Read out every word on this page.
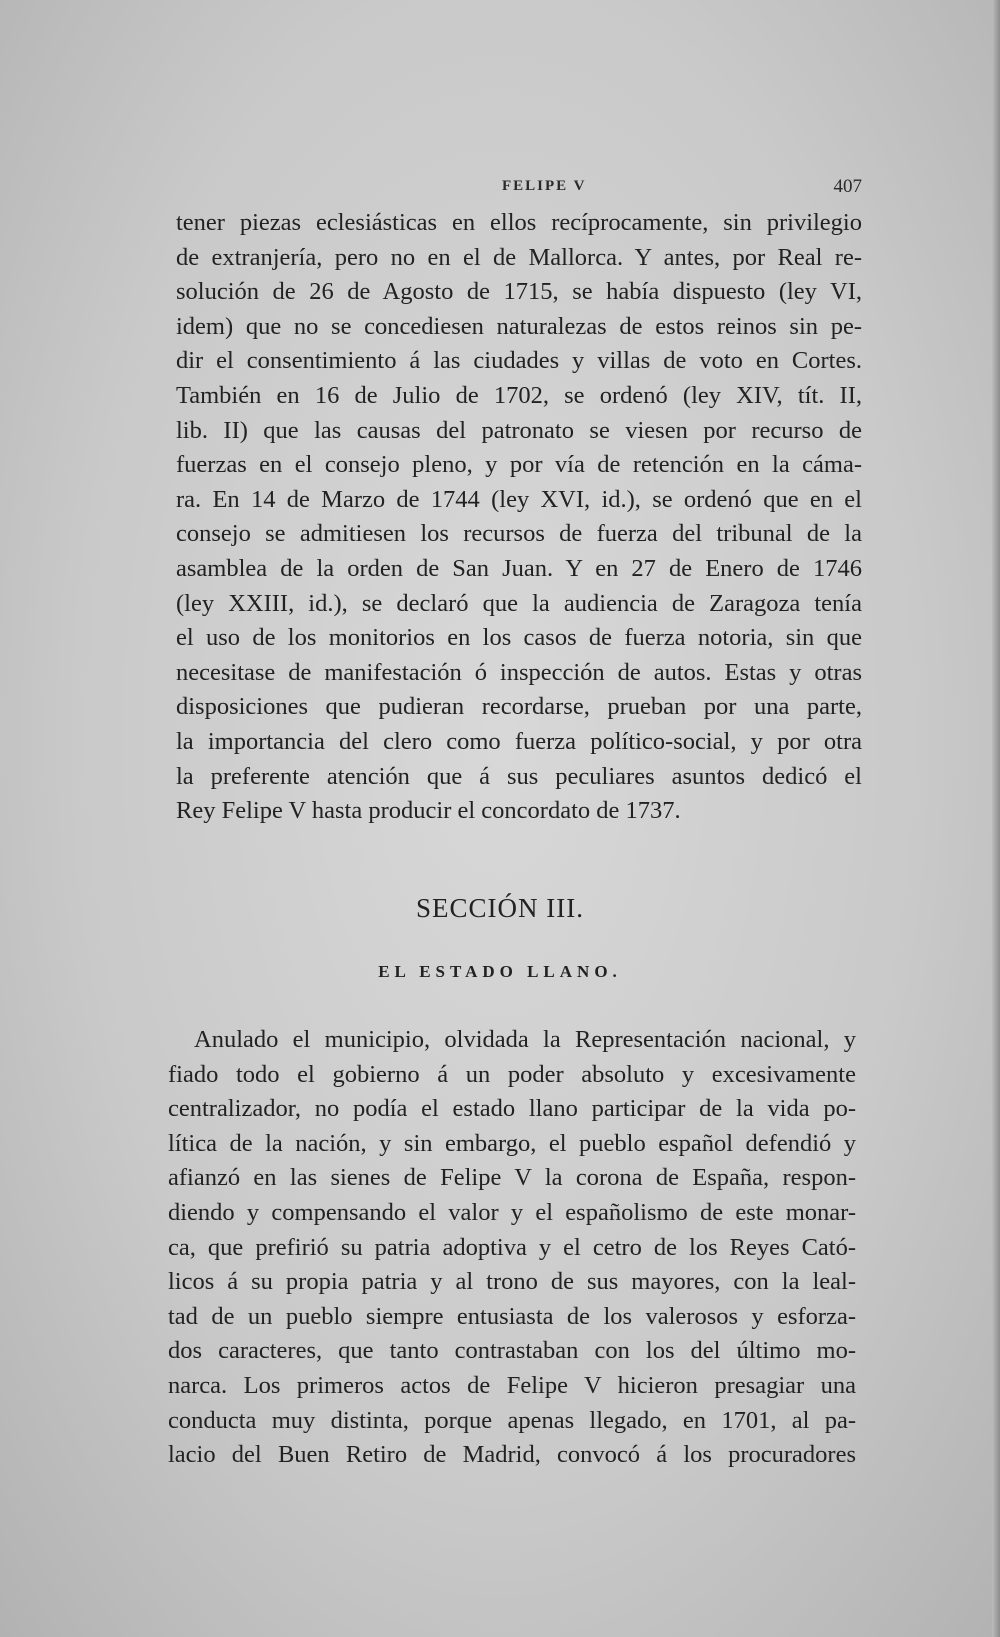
FELIPE V	407
tener piezas eclesiásticas en ellos recíprocamente, sin privilegio
de extranjería, pero no en el de Mallorca. Y antes, por Real re-
solución de 26 de Agosto de 1715, se había dispuesto (ley VI,
idem) que no se concediesen naturalezas de estos reinos sin pe-
dir el consentimiento á las ciudades y villas de voto en Cortes.
También en 16 de Julio de 1702, se ordenó (ley XIV, tít. II,
lib. II) que las causas del patronato se viesen por recurso de
fuerzas en el consejo pleno, y por vía de retención en la cáma-
ra. En 14 de Marzo de 1744 (ley XVI, id.), se ordenó que en el
consejo se admitiesen los recursos de fuerza del tribunal de la
asamblea de la orden de San Juan. Y en 27 de Enero de 1746
(ley XXIII, id.), se declaró que la audiencia de Zaragoza tenía
el uso de los monitorios en los casos de fuerza notoria, sin que
necesitase de manifestación ó inspección de autos. Estas y otras
disposiciones que pudieran recordarse, prueban por una parte,
la importancia del clero como fuerza político-social, y por otra
la preferente atención que á sus peculiares asuntos dedicó el
Rey Felipe V hasta producir el concordato de 1737.
SECCIÓN III.
EL ESTADO LLANO.
Anulado el municipio, olvidada la Representación nacional, y
fiado todo el gobierno á un poder absoluto y excesivamente
centralizador, no podía el estado llano participar de la vida po-
lítica de la nación, y sin embargo, el pueblo español defendió y
afianzó en las sienes de Felipe V la corona de España, respon-
diendo y compensando el valor y el españolismo de este monar-
ca, que prefirió su patria adoptiva y el cetro de los Reyes Cató-
licos á su propia patria y al trono de sus mayores, con la leal-
tad de un pueblo siempre entusiasta de los valerosos y esforza-
dos caracteres, que tanto contrastaban con los del último mo-
narca. Los primeros actos de Felipe V hicieron presagiar una
conducta muy distinta, porque apenas llegado, en 1701, al pa-
lacio del Buen Retiro de Madrid, convocó á los procuradores
